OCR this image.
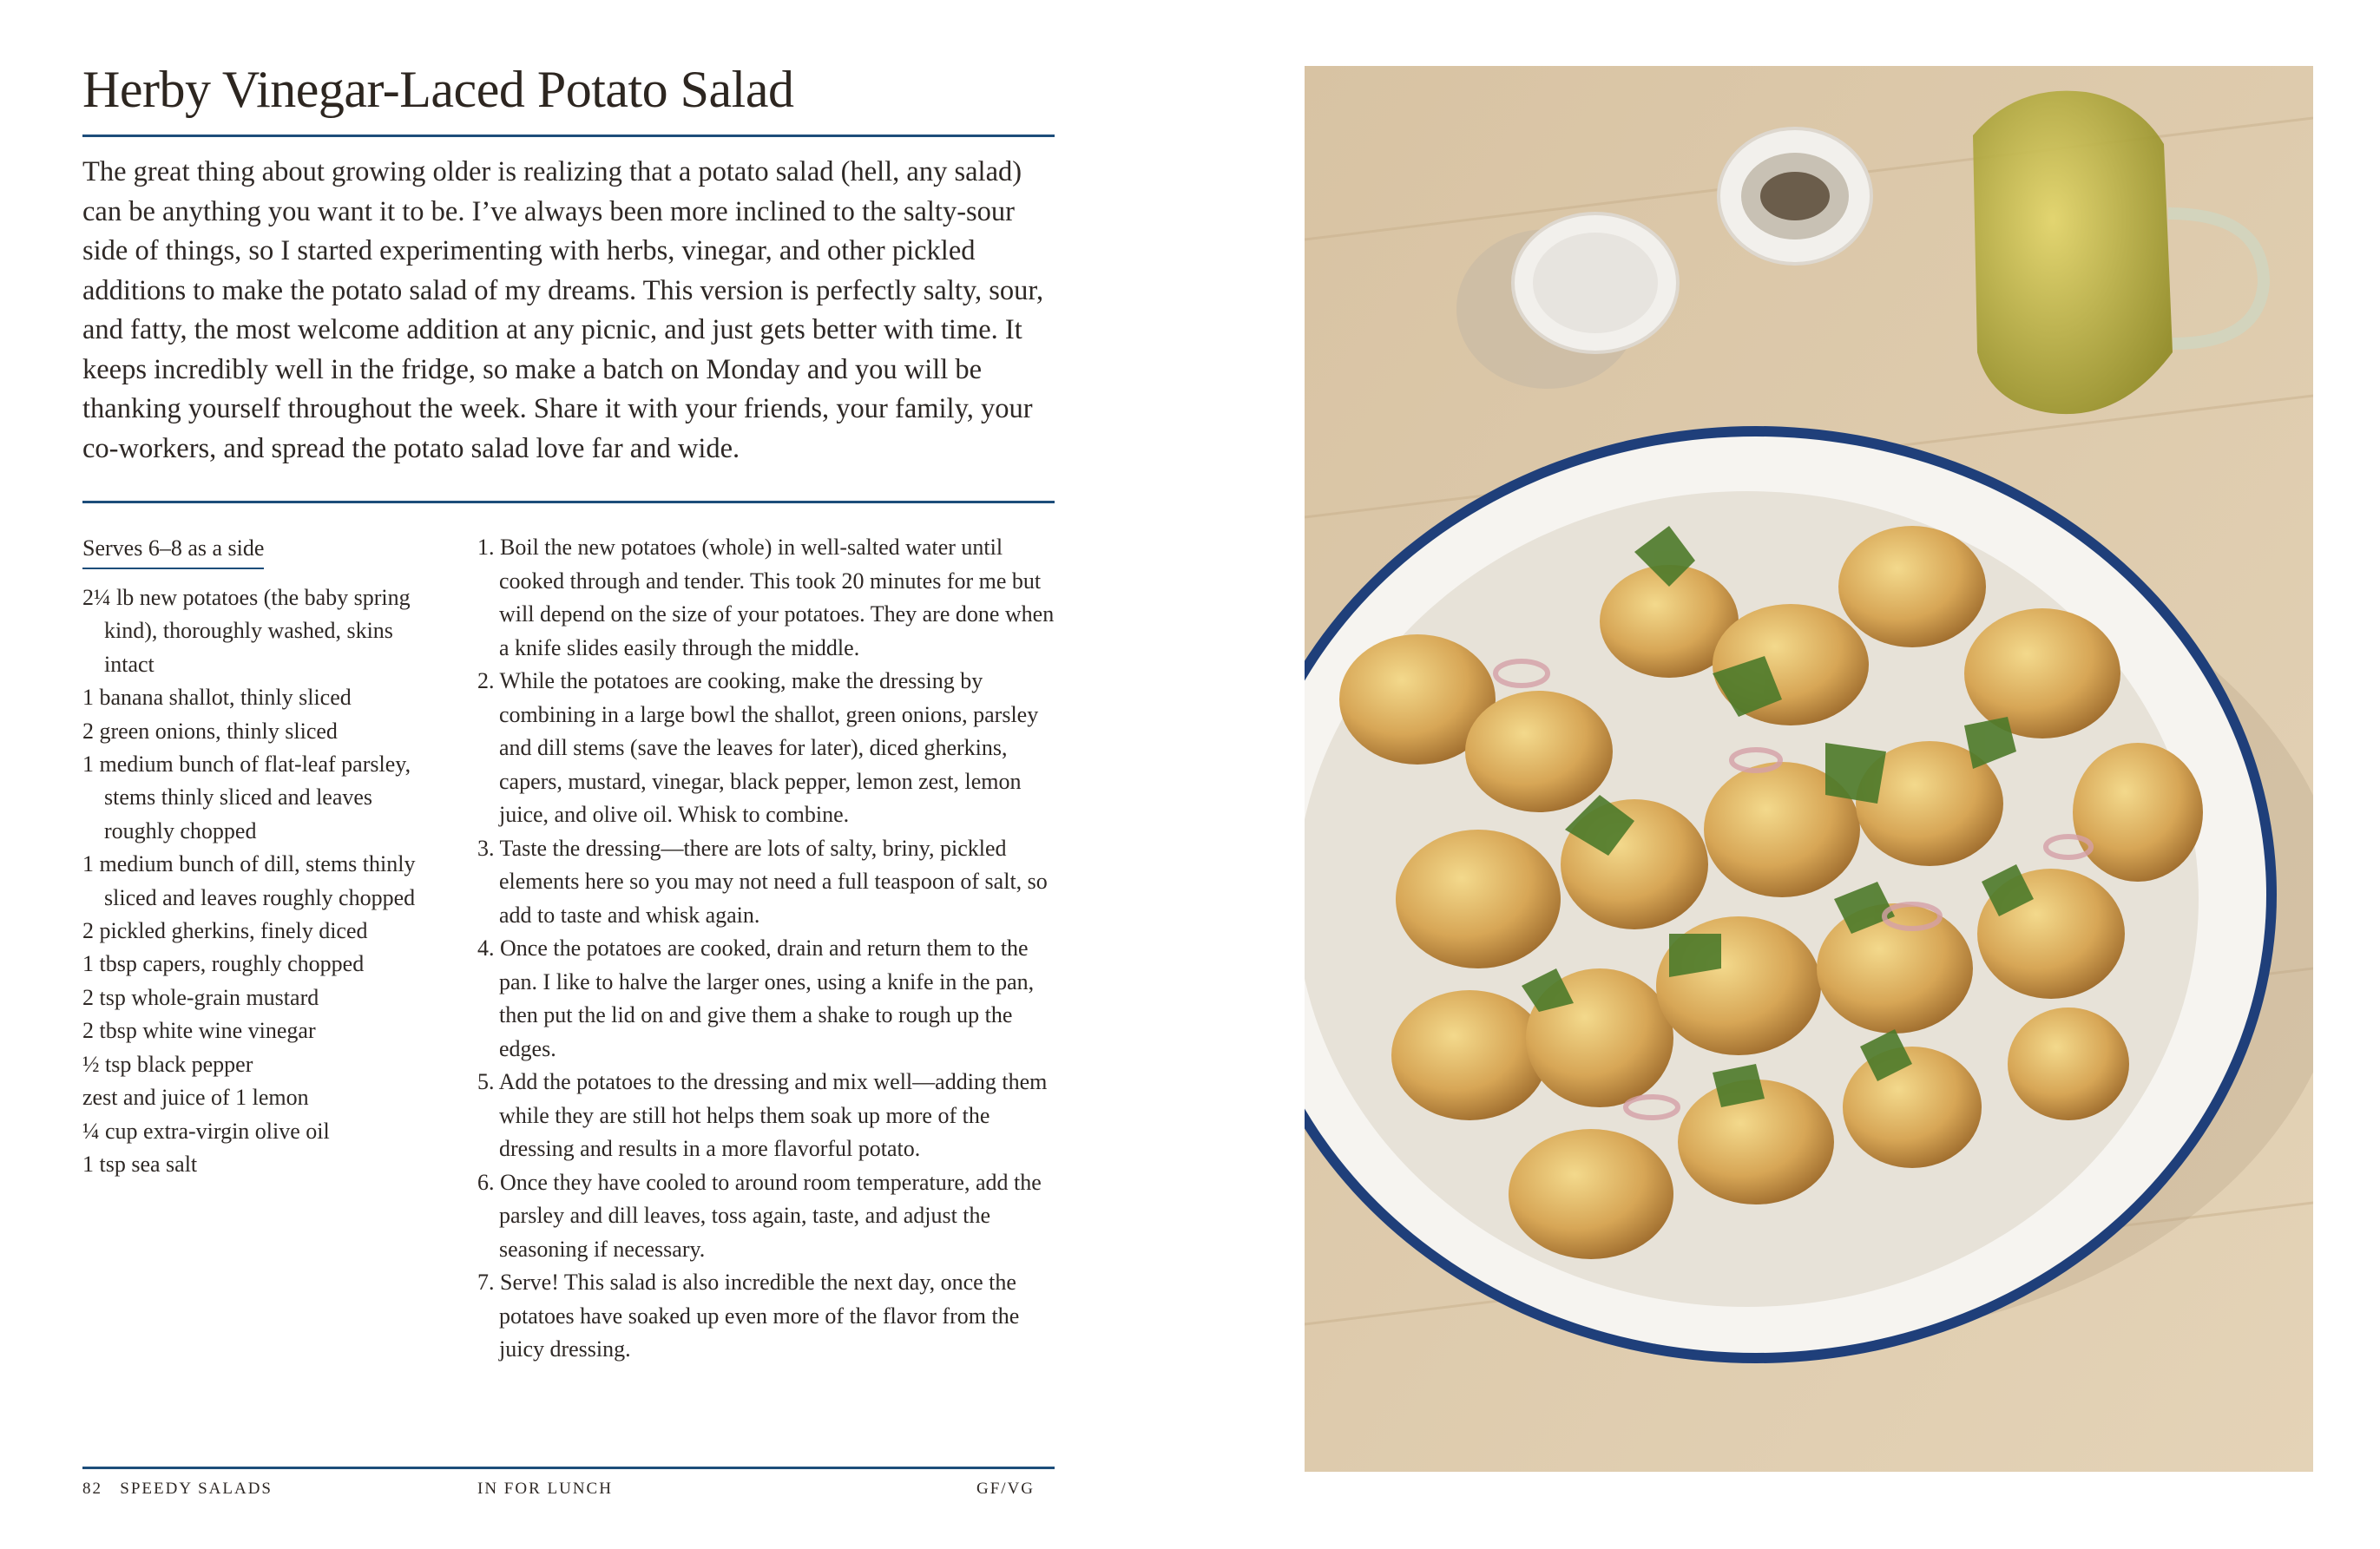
Herby Vinegar-Laced Potato Salad

The great thing about growing older is realizing that a potato salad (hell, any salad) can be anything you want it to be. I’ve always been more inclined to the salty-sour side of things, so I started experimenting with herbs, vinegar, and other pickled additions to make the potato salad of my dreams. This version is perfectly salty, sour, and fatty, the most welcome addition at any picnic, and just gets better with time. It keeps incredibly well in the fridge, so make a batch on Monday and you will be thanking yourself throughout the week. Share it with your friends, your family, your co-workers, and spread the potato salad love far and wide.

Serves 6–8 as a side
2¼ lb new potatoes (the baby spring kind), thoroughly washed, skins intact
1 banana shallot, thinly sliced
2 green onions, thinly sliced
1 medium bunch of flat-leaf parsley, stems thinly sliced and leaves roughly chopped
1 medium bunch of dill, stems thinly sliced and leaves roughly chopped
2 pickled gherkins, finely diced
1 tbsp capers, roughly chopped
2 tsp whole-grain mustard
2 tbsp white wine vinegar
½ tsp black pepper
zest and juice of 1 lemon
¼ cup extra-virgin olive oil
1 tsp sea salt
1. Boil the new potatoes (whole) in well-salted water until cooked through and tender. This took 20 minutes for me but will depend on the size of your potatoes. They are done when a knife slides easily through the middle.
2. While the potatoes are cooking, make the dressing by combining in a large bowl the shallot, green onions, parsley and dill stems (save the leaves for later), diced gherkins, capers, mustard, vinegar, black pepper, lemon zest, lemon juice, and olive oil. Whisk to combine.
3. Taste the dressing—there are lots of salty, briny, pickled elements here so you may not need a full teaspoon of salt, so add to taste and whisk again.
4. Once the potatoes are cooked, drain and return them to the pan. I like to halve the larger ones, using a knife in the pan, then put the lid on and give them a shake to rough up the edges.
5. Add the potatoes to the dressing and mix well—adding them while they are still hot helps them soak up more of the dressing and results in a more flavorful potato.
6. Once they have cooled to around room temperature, add the parsley and dill leaves, toss again, taste, and adjust the seasoning if necessary.
7. Serve! This salad is also incredible the next day, once the potatoes have soaked up even more of the flavor from the juicy dressing.
82 SPEEDY SALADS	IN FOR LUNCH	GF/VG
